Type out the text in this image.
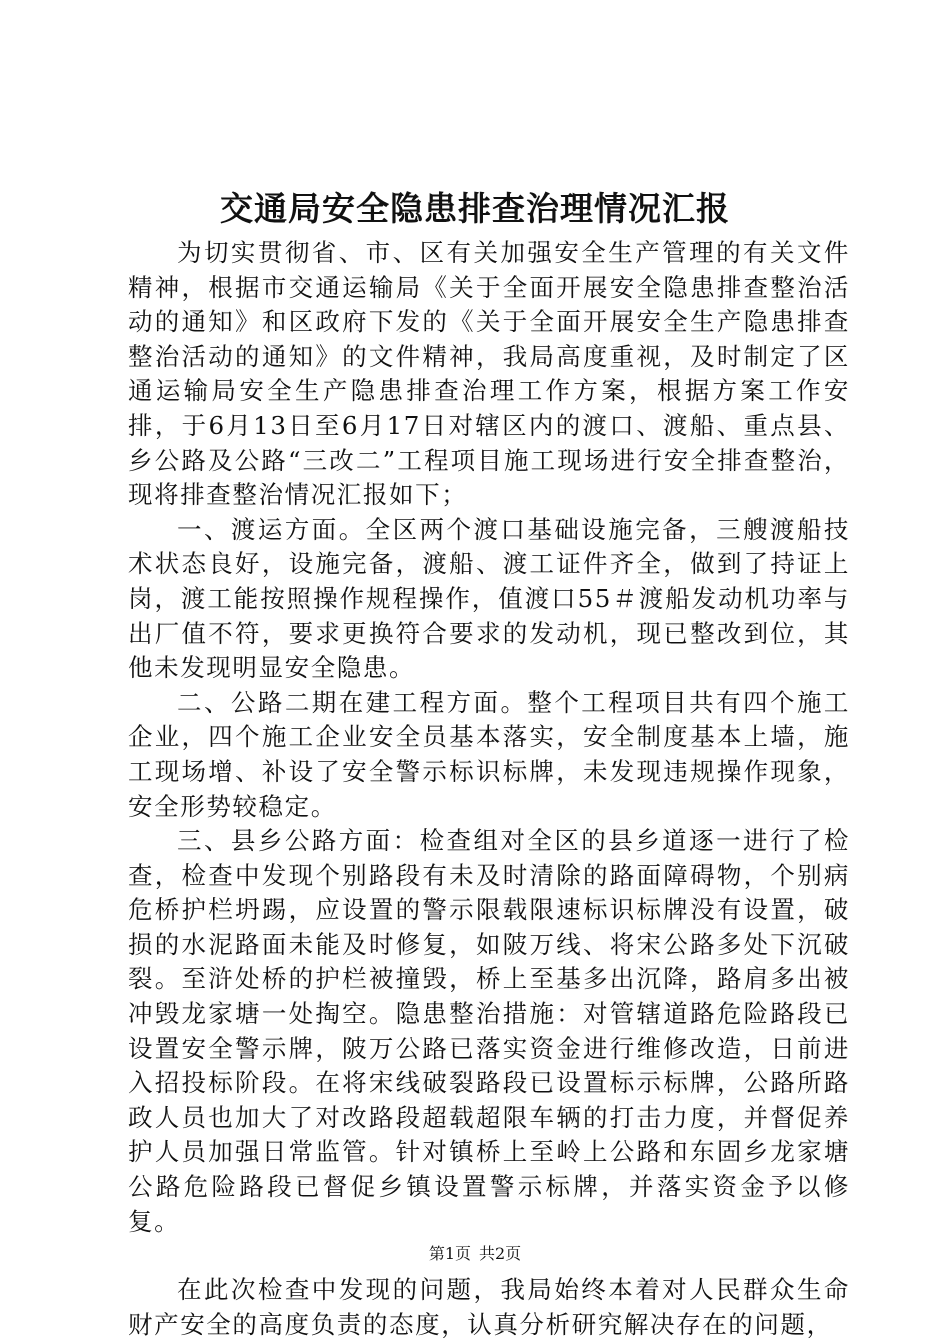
交通局安全隐患排查治理情况汇报

为切实贯彻省、市、区有关加强安全生产管理的有关文件精神，根据市交通运输局《关于全面开展安全隐患排查整治活动的通知》和区政府下发的《关于全面开展安全生产隐患排查整治活动的通知》的文件精神，我局高度重视，及时制定了区通运输局安全生产隐患排查治理工作方案，根据方案工作安排，于6月13日至6月17日对辖区内的渡口、渡船、重点县、乡公路及公路“三改二”工程项目施工现场进行安全排查整治，现将排查整治情况汇报如下；

一、渡运方面。全区两个渡口基础设施完备，三艘渡船技术状态良好，设施完备，渡船、渡工证件齐全，做到了持证上岗，渡工能按照操作规程操作，值渡口55＃渡船发动机功率与出厂值不符，要求更换符合要求的发动机，现已整改到位，其他未发现明显安全隐患。

二、公路二期在建工程方面。整个工程项目共有四个施工企业，四个施工企业安全员基本落实，安全制度基本上墙，施工现场增、补设了安全警示标识标牌，未发现违规操作现象，安全形势较稳定。

三、县乡公路方面：检查组对全区的县乡道逐一进行了检查，检查中发现个别路段有未及时清除的路面障碍物，个别病危桥护栏坍踢，应设置的警示限载限速标识标牌没有设置，破损的水泥路面未能及时修复，如陂万线、将宋公路多处下沉破裂。至浒处桥的护栏被撞毁，桥上至基多出沉降，路肩多出被冲毁龙家塘一处掏空。隐患整治措施：对管辖道路危险路段已设置安全警示牌，陂万公路已落实资金进行维修改造，日前进入招投标阶段。在将宋线破裂路段已设置标示标牌，公路所路政人员也加大了对改路段超载超限车辆的打击力度，并督促养护人员加强日常监管。针对镇桥上至岭上公路和东固乡龙家塘公路危险路段已督促乡镇设置警示标牌，并落实资金予以修复。

在此次检查中发现的问题，我局始终本着对人民群众生命财产安全的高度负责的态度，认真分析研究解决存在的问题，

第1页 共2页
